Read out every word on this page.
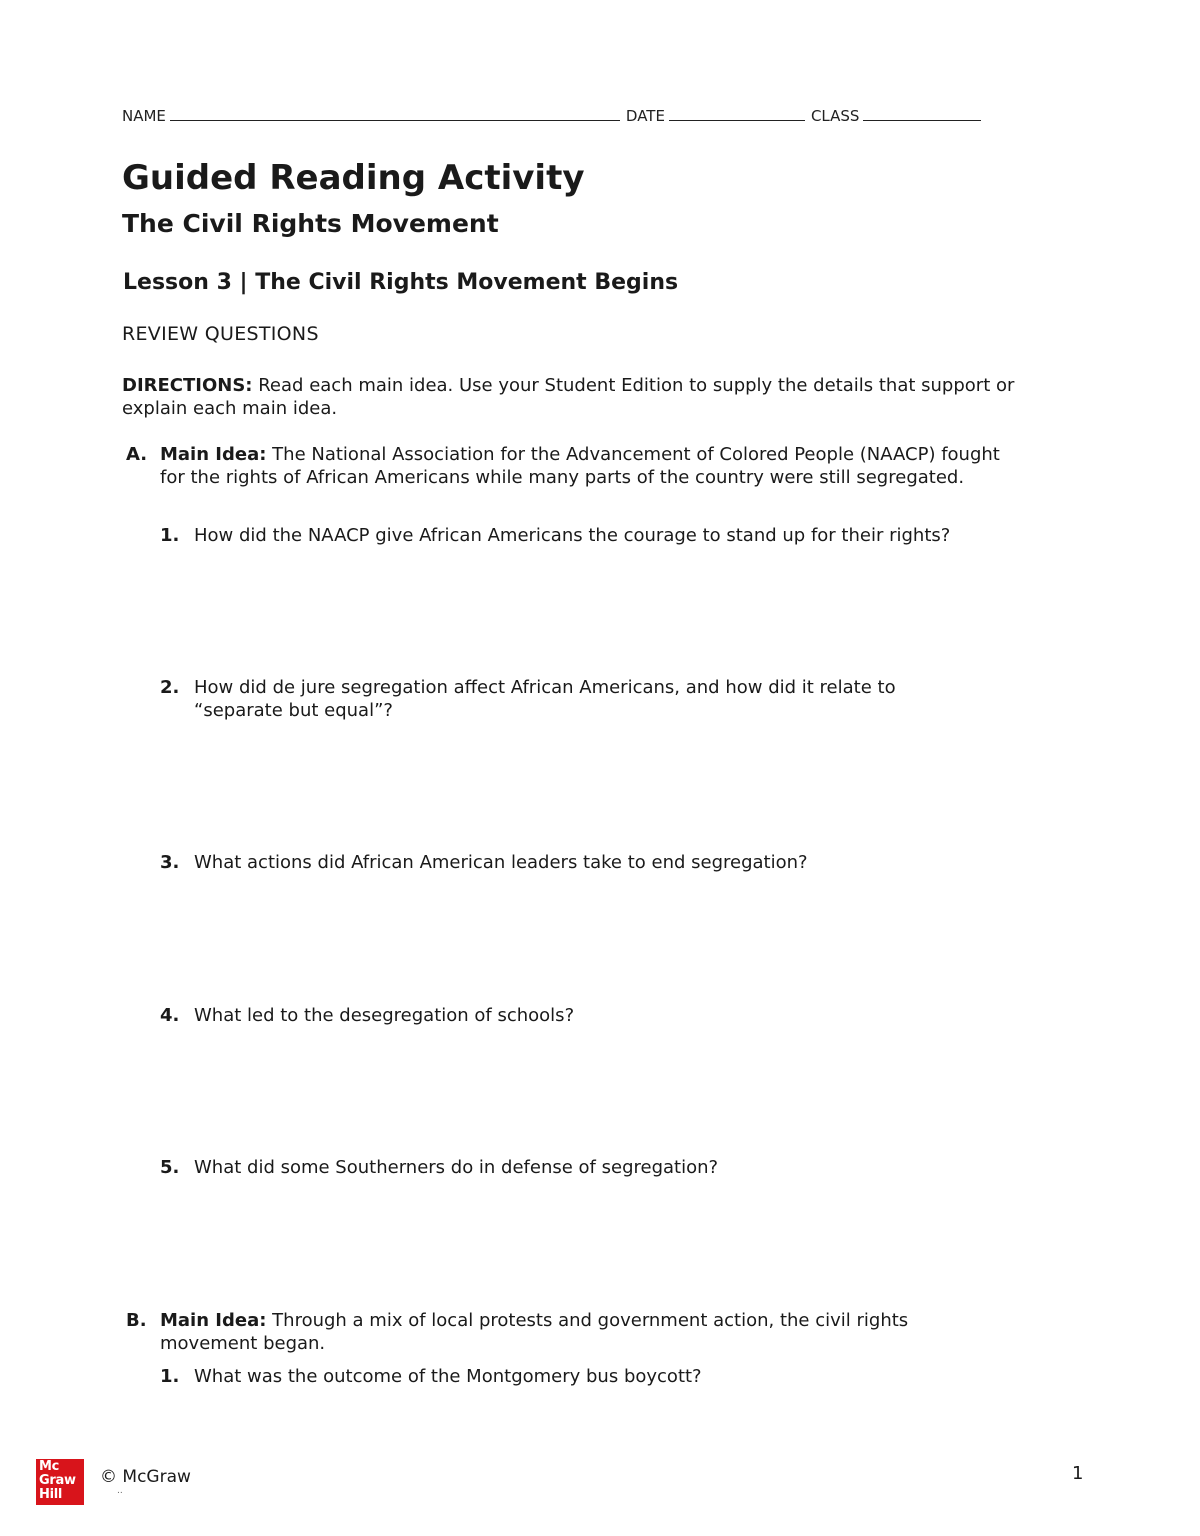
NAME	DATE	CLASS
Guided Reading Activity
The Civil Rights Movement
Lesson 3 | The Civil Rights Movement Begins
REVIEW QUESTIONS
DIRECTIONS: Read each main idea. Use your Student Edition to supply the details that support or explain each main idea.
A. Main Idea: The National Association for the Advancement of Colored People (NAACP) fought for the rights of African Americans while many parts of the country were still segregated.
1. How did the NAACP give African Americans the courage to stand up for their rights?
2. How did de jure segregation affect African Americans, and how did it relate to “separate but equal”?
3. What actions did African American leaders take to end segregation?
4. What led to the desegregation of schools?
5. What did some Southerners do in defense of segregation?
B. Main Idea: Through a mix of local protests and government action, the civil rights movement began.
1. What was the outcome of the Montgomery bus boycott?
Mc
Graw
Hill
© McGraw
..
1
